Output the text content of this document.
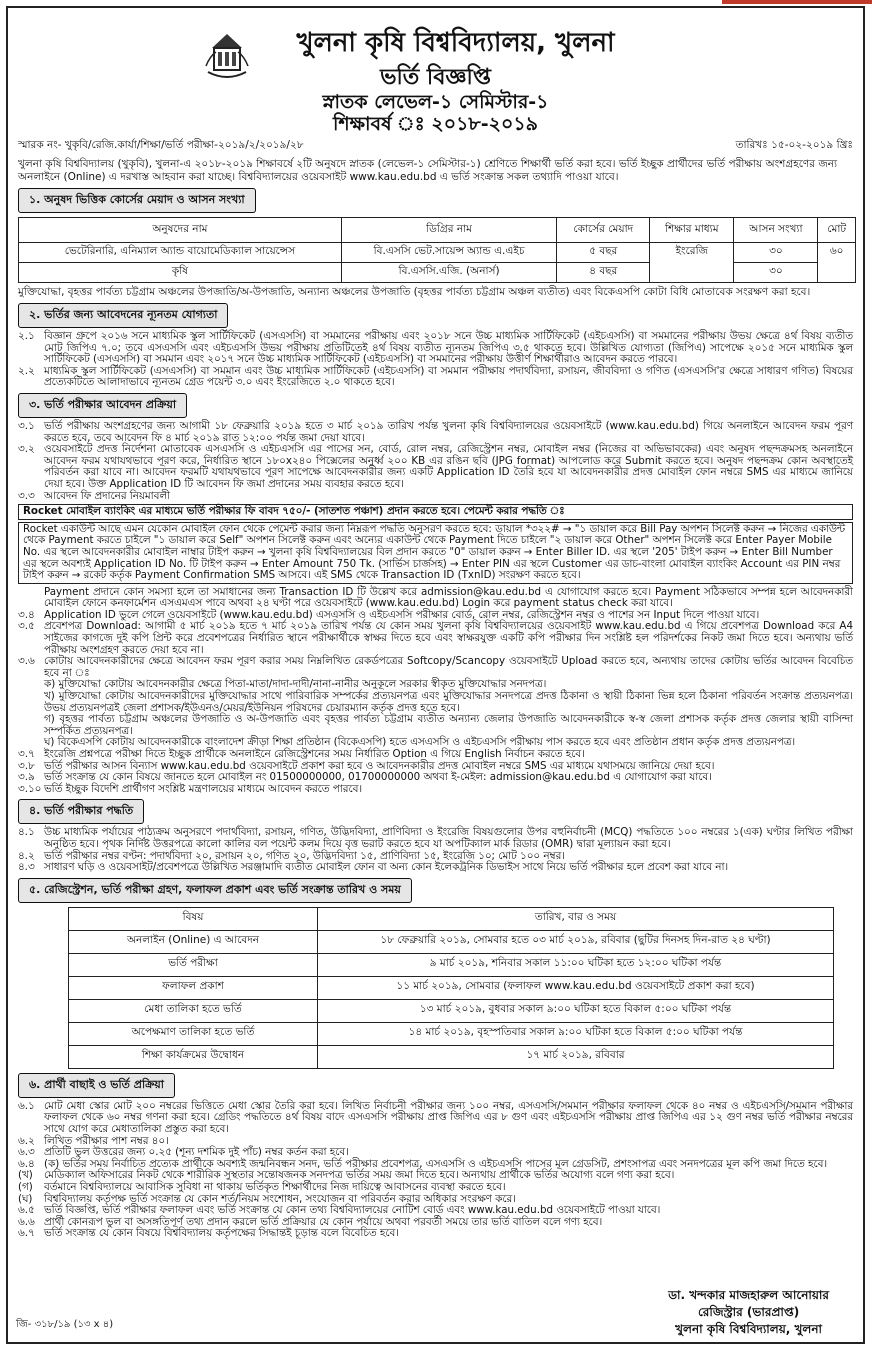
খুলনা কৃষি বিশ্ববিদ্যালয়, খুলনা
ভর্তি বিজ্ঞপ্তি
স্নাতক লেভেল-১ সেমিস্টার-১
শিক্ষাবর্ষ ঃ ২০১৮-২০১৯
স্মারক নং- খুকৃবি/রেজি.কার্যা/শিক্ষা/ভর্তি পরীক্ষা-২০১৯/২/২০১৯/২৮	তারিখঃ ১৫-০২-২০১৯ খ্রিঃ

খুলনা কৃষি বিশ্ববিদ্যালয় (খুকৃবি), খুলনা-এ ২০১৮-২০১৯ শিক্ষাবর্ষে ২টি অনুষদে স্নাতক (লেভেল-১ সেমিস্টার-১) শ্রেণিতে শিক্ষার্থী ভর্তি করা হবে। ভর্তি ইচ্ছুক প্রার্থীদের ভর্তি পরীক্ষায় অংশগ্রহণের জন্য অনলাইনে (Online) এ দরখাস্ত আহবান করা যাচ্ছে। বিশ্ববিদ্যালয়ের ওয়েবসাইট www.kau.edu.bd এ ভর্তি সংক্রান্ত সকল তথ্যাদি পাওয়া যাবে।

১. অনুষদ ভিত্তিক কোর্সের মেয়াদ ও আসন সংখ্যা
অনুষদের নাম	ডিগ্রির নাম	কোর্সের মেয়াদ	শিক্ষার মাধ্যম	আসন সংখ্যা	মোট
ভেটেরিনারি, এনিম্যাল অ্যান্ড বায়োমেডিক্যাল সায়েন্সেস	বি.এসসি ভেট.সায়েন্স অ্যান্ড এ.এইচ	৫ বছর	ইংরেজি	৩০	৬০
কৃষি	বি.এসসি.এজি. (অনার্স)	৪ বছর		৩০	

মুক্তিযোদ্ধা, বৃহত্তর পার্বত্য চট্টগ্রাম অঞ্চলের উপজাতি/অ-উপজাতি, অন্যান্য অঞ্চলের উপজাতি (বৃহত্তর পার্বত্য চট্টগ্রাম অঞ্চল ব্যতীত) এবং বিকেএসপি কোটা বিধি মোতাবেক সংরক্ষণ করা হবে।

২. ভর্তির জন্য আবেদনের ন্যূনতম যোগ্যতা
২.১ বিজ্ঞান গ্রুপে ২০১৬ সনে মাধ্যমিক স্কুল সার্টিফিকেট (এসএসসি) বা সমমানের পরীক্ষায় এবং ২০১৮ সনে উচ্চ মাধ্যমিক সার্টিফিকেট (এইচএসসি) বা সমমানের পরীক্ষায় উভয় ক্ষেত্রে ৪র্থ বিষয় ব্যতীত মোট জিপিএ ৭.০; তবে এসএসসি এবং এইচএসসি উভয় পরীক্ষায় প্রতিটিতেই ৪র্থ বিষয় ব্যতীত ন্যূনতম জিপিএ ৩.৫ থাকতে হবে। উল্লিখিত যোগ্যতা (জিপিএ) সাপেক্ষে ২০১৫ সনে মাধ্যমিক স্কুল সার্টিফিকেট (এসএসসি) বা সমমান এবং ২০১৭ সনে উচ্চ মাধ্যমিক সার্টিফিকেট (এইচএসসি) বা সমমানের পরীক্ষায় উত্তীর্ণ শিক্ষার্থীরাও আবেদন করতে পারবে।
২.২ মাধ্যমিক স্কুল সার্টিফিকেট (এসএসসি) বা সমমান এবং উচ্চ মাধ্যমিক সার্টিফিকেট (এইচএসসি) বা সমমান পরীক্ষায় পদার্থবিদ্যা, রসায়ন, জীববিদ্যা ও গণিত (এসএসসি'র ক্ষেত্রে সাধারণ গণিত) বিষয়ের প্রত্যেকটিতে আলাদাভাবে ন্যূনতম গ্রেড পয়েন্ট ৩.০ এবং ইংরেজিতে ২.০ থাকতে হবে।
৩. ভর্তি পরীক্ষার আবেদন প্রক্রিয়া
৩.১ ভর্তি পরীক্ষায় অংশগ্রহণের জন্য আগামী ১৮ ফেব্রুয়ারি ২০১৯ হতে ৩ মার্চ ২০১৯ তারিখ পর্যন্ত খুলনা কৃষি বিশ্ববিদ্যালয়ের ওয়েবসাইটে (www.kau.edu.bd) গিয়ে অনলাইনে আবেদন ফরম পূরণ করতে হবে, তবে আবেদন ফি ৪ মার্চ ২০১৯ রাত ১২:০০ পর্যন্ত জমা দেয়া যাবে।
৩.২ ওয়েবসাইটে প্রদত্ত নির্দেশনা মোতাবেক এসএসসি ও এইচএসসি এর পাসের সন, বোর্ড, রোল নম্বর, রেজিস্ট্রেশন নম্বর, মোবাইল নম্বর (নিজের বা অভিভাবকের) এবং অনুষদ পছন্দক্রমসহ অনলাইনে আবেদন ফরম যথাযথভাবে পূরণ করে, নির্ধারিত স্থানে ১৮০x২৪০ পিক্সেলের অনুর্ধ্ব ২০০ KB এর রঙিন ছবি (JPG format) আপলোড করে Submit করতে হবে। অনুষদ পছন্দক্রম কোন অবস্থাতেই পরিবর্তন করা যাবে না। আবেদন ফরমটি যথাযথভাবে পূরণ সাপেক্ষে আবেদনকারীর জন্য একটি Application ID তৈরি হবে যা আবেদনকারীর প্রদত্ত মোবাইল ফোন নম্বরে SMS এর মাধ্যমে জানিয়ে দেয়া হবে। উক্ত Application ID টি আবেদন ফি জমা প্রদানের সময় ব্যবহার করতে হবে।
৩.৩ আবেদন ফি প্রদানের নিয়মাবলী
Rocket মোবাইল ব্যাংকিং এর মাধ্যমে ভর্তি পরীক্ষার ফি বাবদ ৭৫০/- (সাতশত পঞ্চাশ) প্রদান করতে হবে। পেমেন্ট করার পদ্ধতি ঃ
Rocket একাউন্ট আছে এমন যেকোন মোবাইল ফোন থেকে পেমেন্ট করার জন্য নিম্নরূপ পদ্ধতি অনুসরণ করতে হবে: ডায়াল *৩২২# → "১ ডায়াল করে Bill Pay অপশন সিলেক্ট করুন → নিজের একাউন্ট থেকে Payment করতে চাইলে "১ ডায়াল করে Self" অপশন সিলেক্ট করুন এবং অন্যের একাউন্ট থেকে Payment দিতে চাইলে "২ ডায়াল করে Other" অপশন সিলেক্ট করে Enter Payer Mobile No. এর স্থলে আবেদনকারীর মোবাইল নাম্বার টাইপ করুন → খুলনা কৃষি বিশ্ববিদ্যালয়ের বিল প্রদান করতে "0" ডায়াল করুন → Enter Biller ID. এর স্থলে '205' টাইপ করুন → Enter Bill Number এর স্থলে অবশ্যই Application ID No. টি টাইপ করুন → Enter Amount 750 Tk. (সার্ভিস চার্জসহ) → Enter PIN এর স্থলে Customer এর ডাচ-বাংলা মোবাইল ব্যাংকিং Account এর PIN নম্বর টাইপ করুন → রকেট কর্তৃক Payment Confirmation SMS আসবে। এই SMS থেকে Transaction ID (TxnID) সংরক্ষণ করতে হবে।
Payment প্রদানে কোন সমস্যা হলে তা সমাধানের জন্য Transaction ID টি উল্লেখ করে admission@kau.edu.bd এ যোগাযোগ করতে হবে। Payment সঠিকভাবে সম্পন্ন হলে আবেদনকারী মোবাইল ফোনে কনফার্মেশন এসএমএস পাবে অথবা ২৪ ঘণ্টা পরে ওয়েবসাইটে (www.kau.edu.bd) Login করে payment status check করা যাবে।
৩.৪ Application ID ভুলে গেলে ওয়েবসাইটে (www.kau.edu.bd) এসএসসি ও এইচএসসি পরীক্ষার বোর্ড, রোল নম্বর, রেজিস্ট্রেশন নম্বর ও পাশের সন Input দিলে পাওয়া যাবে।
৩.৫ প্রবেশপত্র Download: আগামী ৫ মার্চ ২০১৯ হতে ৭ মার্চ ২০১৯ তারিখ পর্যন্ত যে কোন সময় খুলনা কৃষি বিশ্ববিদ্যালয়ের ওয়েবসাইট www.kau.edu.bd এ গিয়ে প্রবেশপত্র Download করে A4 সাইজের কাগজে দুই কপি প্রিন্ট করে প্রবেশপত্রের নির্ধারিত স্থানে পরীক্ষার্থীকে স্বাক্ষর দিতে হবে এবং স্বাক্ষরযুক্ত একটি কপি পরীক্ষার দিন সংশ্লিষ্ট হল পরিদর্শকের নিকট জমা দিতে হবে। অন্যথায় ভর্তি পরীক্ষায় অংশগ্রহণ করতে দেয়া হবে না।
৩.৬ কোটায় আবেদনকারীদের ক্ষেত্রে আবেদন ফরম পূরণ করার সময় নিম্নলিখিত রেকর্ডপত্রের Softcopy/Scancopy ওয়েবসাইটে Upload করতে হবে, অন্যথায় তাদের কোটায় ভর্তির আবেদন বিবেচিত হবে না ঃ
ক) মুক্তিযোদ্ধা কোটায় আবেদনকারীর ক্ষেত্রে পিতা-মাতা/দাদা-দাদী/নানা-নানীর অনুকূলে সরকার স্বীকৃত মুক্তিযোদ্ধার সনদপত্র।
খ) মুক্তিযোদ্ধা কোটায় আবেদনকারীদের মুক্তিযোদ্ধার সাথে পারিবারিক সম্পর্কের প্রত্যয়নপত্র এবং মুক্তিযোদ্ধার সনদপত্রে প্রদত্ত ঠিকানা ও স্থায়ী ঠিকানা ভিন্ন হলে ঠিকানা পরিবর্তন সংক্রান্ত প্রত্যয়নপত্র। উভয় প্রত্যয়নপত্রই জেলা প্রশাসক/ইউএনও/মেয়র/ইউনিয়ন পরিষদের চেয়ারম্যান কর্তৃক প্রদত্ত হতে হবে।
গ) বৃহত্তর পার্বত্য চট্টগ্রাম অঞ্চলের উপজাতি ও অ-উপজাতি এবং বৃহত্তর পার্বত্য চট্টগ্রাম ব্যতীত অন্যান্য জেলার উপজাতি আবেদনকারীকে স্ব-স্ব জেলা প্রশাসক কর্তৃক প্রদত্ত জেলার স্থায়ী বাসিন্দা সম্পর্কিত প্রত্যয়নপত্র।
ঘ) বিকেএসপি কোটায় আবেদনকারীকে বাংলাদেশ ক্রীড়া শিক্ষা প্রতিষ্ঠান (বিকেএসপি) হতে এসএসসি ও এইচএসসি পরীক্ষায় পাস করতে হবে এবং প্রতিষ্ঠান প্রধান কর্তৃক প্রদত্ত প্রত্যয়নপত্র।
৩.৭ ইংরেজি প্রশ্নপত্রে পরীক্ষা দিতে ইচ্ছুক প্রার্থীকে অনলাইনে রেজিস্ট্রেশনের সময় নির্ধারিত Option এ গিয়ে English নির্বাচন করতে হবে।
৩.৮ ভর্তি পরীক্ষার আসন বিন্যাস www.kau.edu.bd ওয়েবসাইটে প্রকাশ করা হবে ও আবেদনকারীর প্রদত্ত মোবাইল নম্বরে SMS এর মাধ্যমে যথাসময়ে জানিয়ে দেয়া হবে।
৩.৯ ভর্তি সংক্রান্ত যে কোন বিষয়ে জানতে হলে মোবাইল নং 01500000000, 01700000000 অথবা ই-মেইল: admission@kau.edu.bd এ যোগাযোগ করা যাবে।
৩.১০ ভর্তি ইচ্ছুক বিদেশি প্রার্থীগণ সংশ্লিষ্ট মন্ত্রণালয়ের মাধ্যমে আবেদন করতে পারবে।
৪. ভর্তি পরীক্ষার পদ্ধতি
৪.১ উচ্চ মাধ্যমিক পর্যায়ের পাঠ্যক্রম অনুসরণে পদার্থবিদ্যা, রসায়ন, গণিত, উদ্ভিদবিদ্যা, প্রাণিবিদ্যা ও ইংরেজি বিষয়গুলোর উপর বহুনির্বাচনী (MCQ) পদ্ধতিতে ১০০ নম্বরের ১(এক) ঘণ্টার লিখিত পরীক্ষা অনুষ্ঠিত হবে। পৃথক নির্দিষ্ট উত্তরপত্রে কালো কালির বল পয়েন্ট কলম দিয়ে বৃত্ত ভরাট করতে হবে যা অপটিক্যাল মার্ক রিডার (OMR) দ্বারা মূল্যায়ন করা হবে।
৪.২ ভর্তি পরীক্ষার নম্বর বণ্টন: পদার্থবিদ্যা ২০, রসায়ন ২০, গণিত ২০, উদ্ভিদবিদ্যা ১৫, প্রাণিবিদ্যা ১৫, ইংরেজি ১০; মোট ১০০ নম্বর।
৪.৩ সাধারণ ঘড়ি ও ওয়েবসাইট/প্রবেশপত্রে উল্লিখিত সরঞ্জামাদি ব্যতীত মোবাইল ফোন বা অন্য কোন ইলেকট্রনিক ডিভাইস সাথে নিয়ে ভর্তি পরীক্ষার হলে প্রবেশ করা যাবে না।
৫. রেজিস্ট্রেশন, ভর্তি পরীক্ষা গ্রহণ, ফলাফল প্রকাশ এবং ভর্তি সংক্রান্ত তারিখ ও সময়
বিষয়	তারিখ, বার ও সময়
অনলাইন (Online) এ আবেদন	১৮ ফেব্রুয়ারি ২০১৯, সোমবার হতে ০৩ মার্চ ২০১৯, রবিবার (ছুটির দিনসহ দিন-রাত ২৪ ঘণ্টা)
ভর্তি পরীক্ষা	৯ মার্চ ২০১৯, শনিবার সকাল ১১:০০ ঘটিকা হতে ১২:০০ ঘটিকা পর্যন্ত
ফলাফল প্রকাশ	১১ মার্চ ২০১৯, সোমবার (ফলাফল www.kau.edu.bd ওয়েবসাইটে প্রকাশ করা হবে)
মেধা তালিকা হতে ভর্তি	১৩ মার্চ ২০১৯, বুধবার সকাল ৯:০০ ঘটিকা হতে বিকাল ৫:০০ ঘটিকা পর্যন্ত
অপেক্ষমাণ তালিকা হতে ভর্তি	১৪ মার্চ ২০১৯, বৃহস্পতিবার সকাল ৯:০০ ঘটিকা হতে বিকাল ৫:০০ ঘটিকা পর্যন্ত
শিক্ষা কার্যক্রমের উদ্বোধন	১৭ মার্চ ২০১৯, রবিবার
৬. প্রার্থী বাছাই ও ভর্তি প্রক্রিয়া
৬.১ মোট মেধা স্কোর মোট ২০০ নম্বরের ভিত্তিতে মেধা স্কোর তৈরি করা হবে। লিখিত নির্বাচনী পরীক্ষার জন্য ১০০ নম্বর, এসএসসি/সমমান পরীক্ষার ফলাফল থেকে ৪০ নম্বর ও এইচএসসি/সমমান পরীক্ষার ফলাফল থেকে ৬০ নম্বর গণনা করা হবে। গ্রেডিং পদ্ধতিতে ৪র্থ বিষয় বাদে এসএসসি পরীক্ষায় প্রাপ্ত জিপিএ এর ৮ গুণ এবং এইচএসসি পরীক্ষায় প্রাপ্ত জিপিএ এর ১২ গুণ নম্বর ভর্তি পরীক্ষার নম্বরের সাথে যোগ করে মেধাতালিকা প্রস্তুত করা হবে।
৬.২ লিখিত পরীক্ষার পাশ নম্বর ৪০।
৬.৩ প্রতিটি ভুল উত্তরের জন্য ০.২৫ (শূন্য দশমিক দুই পাঁচ) নম্বর কর্তন করা হবে।
৬.৪ (ক) ভর্তির সময় নির্বাচিত প্রত্যেক প্রার্থীকে অবশ্যই জন্মনিবন্ধন সনদ, ভর্তি পরীক্ষার প্রবেশপত্র, এসএসসি ও এইচএসসি পাসের মূল গ্রেডসিট, প্রশংসাপত্র এবং সনদপত্রের মূল কপি জমা দিতে হবে।
(খ)	মেডিক্যাল অফিসারের নিকট থেকে শারীরিক সুস্থতার সন্তোষজনক সনদপত্র ভর্তির সময় জমা দিতে হবে। অন্যথায় প্রার্থীকে ভর্তির অযোগ্য বলে গণ্য করা হবে।
(গ)	বর্তমানে বিশ্ববিদ্যালয়ে আবাসিক সুবিধা না থাকায় ভর্তিকৃত শিক্ষার্থীদের নিজ দায়িত্বে আবাসনের ব্যবস্থা করতে হবে।
(ঘ)	বিশ্ববিদ্যালয় কর্তৃপক্ষ ভর্তি সংক্রান্ত যে কোন শর্ত/নিয়ম সংশোধন, সংযোজন বা পরিবর্তন করার অধিকার সংরক্ষণ করে।
৬.৫ ভর্তি বিজ্ঞপ্তি, ভর্তি পরীক্ষার ফলাফল এবং ভর্তি সংক্রান্ত যে কোন তথ্য বিশ্ববিদ্যালয়ের নোটিশ বোর্ড এবং www.kau.edu.bd ওয়েবসাইটে পাওয়া যাবে।
৬.৬ প্রার্থী কোনরূপ ভুল বা অসঙ্গতিপূর্ণ তথ্য প্রদান করলে ভর্তি প্রক্রিয়ার যে কোন পর্যায়ে অথবা পরবর্তী সময়ে তার ভর্তি বাতিল বলে গণ্য হবে।
৬.৭ ভর্তি সংক্রান্ত যে কোন বিষয়ে বিশ্ববিদ্যালয় কর্তৃপক্ষের সিদ্ধান্তই চূড়ান্ত বলে বিবেচিত হবে।
ডা. খন্দকার মাজহারুল আনোয়ার
রেজিস্ট্রার (ভারপ্রাপ্ত)
খুলনা কৃষি বিশ্ববিদ্যালয়, খুলনা
জি- ৩১৮/১৯ (১৩ x ৪)
